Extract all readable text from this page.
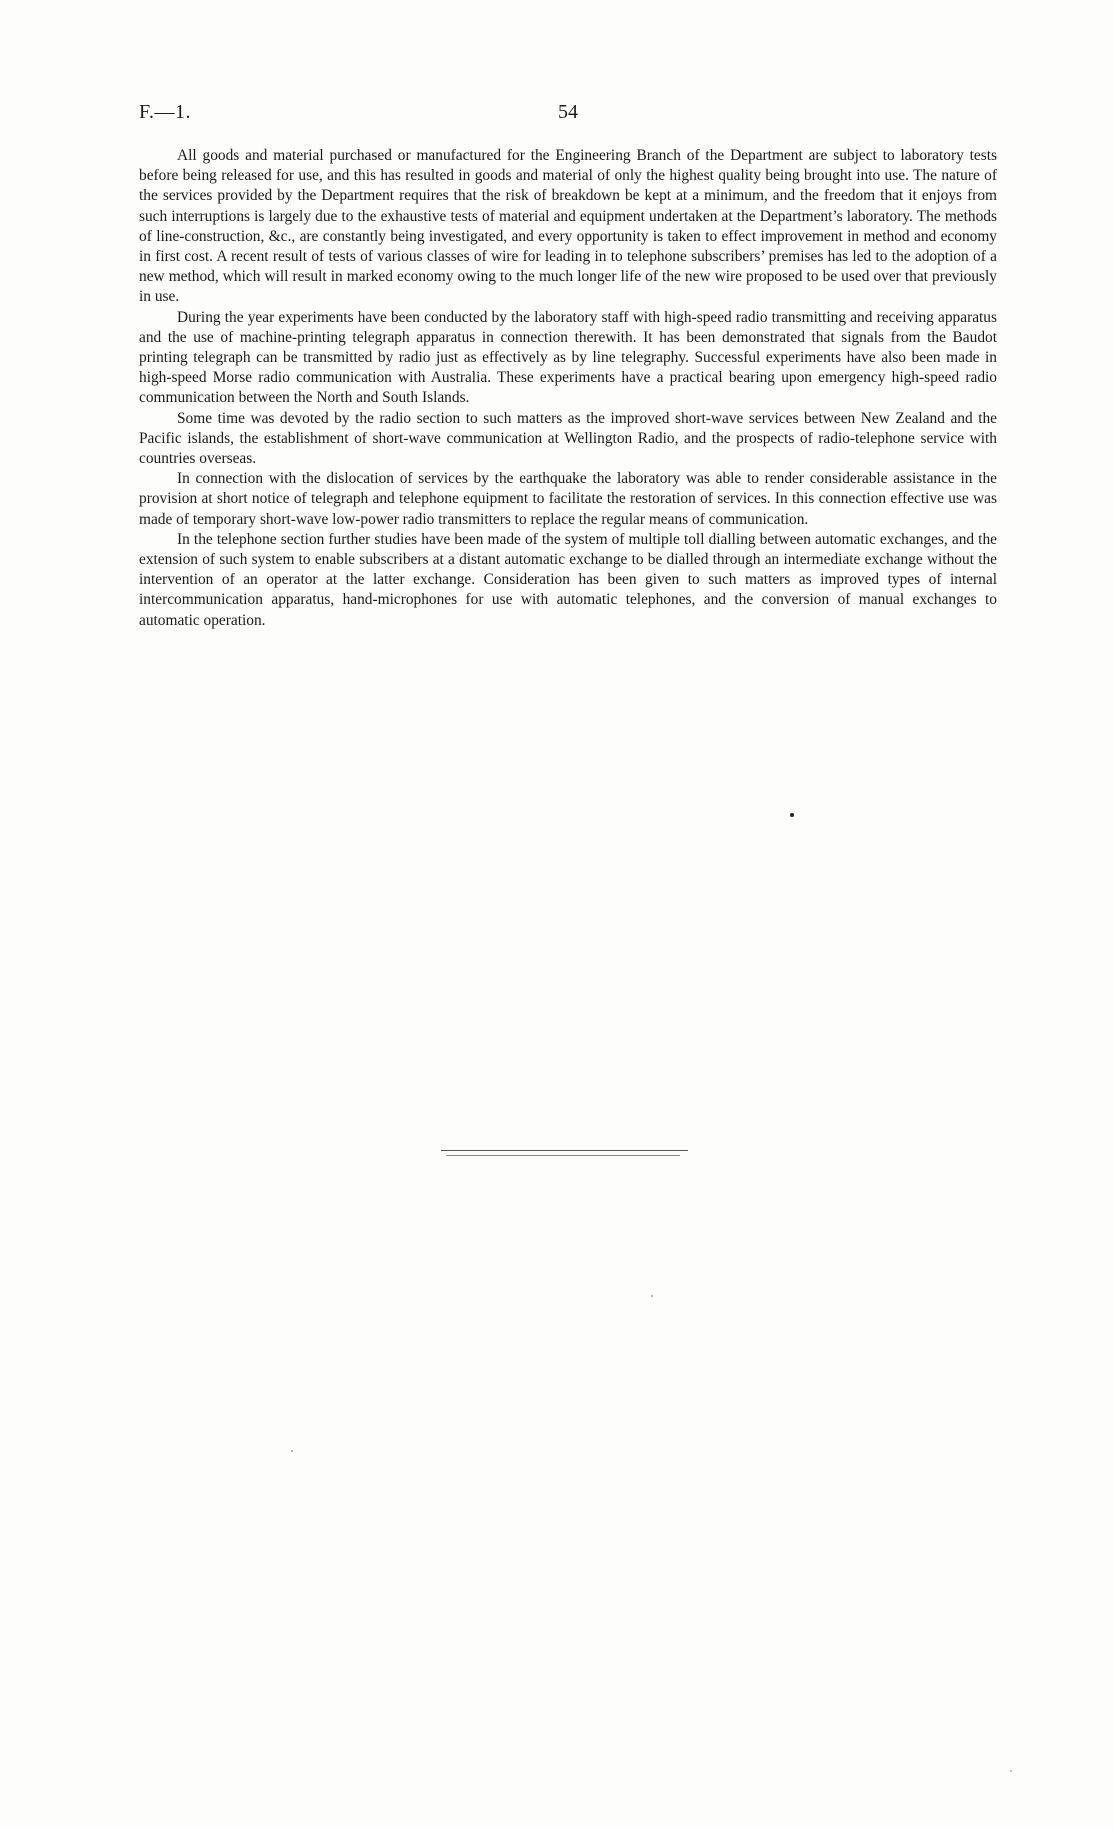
F.—1.	54

All goods and material purchased or manufactured for the Engineering Branch of the Department are subject to laboratory tests before being released for use, and this has resulted in goods and material of only the highest quality being brought into use. The nature of the services provided by the Department requires that the risk of breakdown be kept at a minimum, and the freedom that it enjoys from such interruptions is largely due to the exhaustive tests of material and equipment undertaken at the Department’s laboratory. The methods of line-construction, &c., are constantly being investigated, and every opportunity is taken to effect improvement in method and economy in first cost. A recent result of tests of various classes of wire for leading in to telephone subscribers’ premises has led to the adoption of a new method, which will result in marked economy owing to the much longer life of the new wire proposed to be used over that previously in use.

During the year experiments have been conducted by the laboratory staff with high-speed radio transmitting and receiving apparatus and the use of machine-printing telegraph apparatus in connection therewith. It has been demonstrated that signals from the Baudot printing telegraph can be transmitted by radio just as effectively as by line telegraphy. Successful experiments have also been made in high-speed Morse radio communication with Australia. These experiments have a practical bearing upon emergency high-speed radio communication between the North and South Islands.

Some time was devoted by the radio section to such matters as the improved short-wave services between New Zealand and the Pacific islands, the establishment of short-wave communication at Wellington Radio, and the prospects of radio-telephone service with countries overseas.

In connection with the dislocation of services by the earthquake the laboratory was able to render considerable assistance in the provision at short notice of telegraph and telephone equipment to facilitate the restoration of services. In this connection effective use was made of temporary short-wave low-power radio transmitters to replace the regular means of communication.

In the telephone section further studies have been made of the system of multiple toll dialling between automatic exchanges, and the extension of such system to enable subscribers at a distant automatic exchange to be dialled through an intermediate exchange without the intervention of an operator at the latter exchange. Consideration has been given to such matters as improved types of internal intercommunication apparatus, hand-microphones for use with automatic telephones, and the conversion of manual exchanges to automatic operation.
